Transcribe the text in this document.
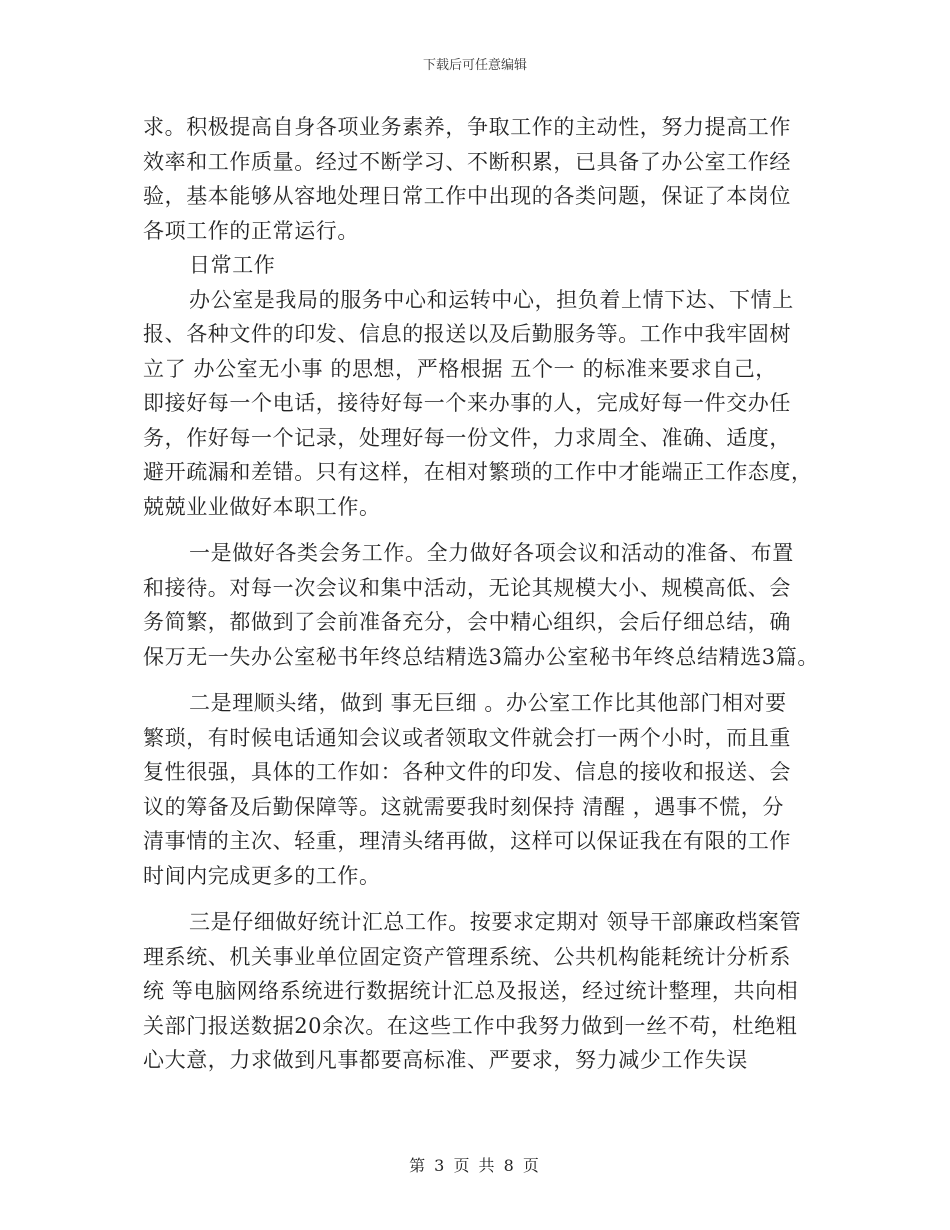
下载后可任意编辑
求。积极提高自身各项业务素养，争取工作的主动性，努力提高工作
效率和工作质量。经过不断学习、不断积累，已具备了办公室工作经
验，基本能够从容地处理日常工作中出现的各类问题，保证了本岗位
各项工作的正常运行。
日常工作
办公室是我局的服务中心和运转中心，担负着上情下达、下情上
报、各种文件的印发、信息的报送以及后勤服务等。工作中我牢固树
立了 办公室无小事 的思想，严格根据 五个一 的标准来要求自己，
即接好每一个电话，接待好每一个来办事的人，完成好每一件交办任
务，作好每一个记录，处理好每一份文件，力求周全、准确、适度，
避开疏漏和差错。只有这样，在相对繁琐的工作中才能端正工作态度，
兢兢业业做好本职工作。
一是做好各类会务工作。全力做好各项会议和活动的准备、布置
和接待。对每一次会议和集中活动，无论其规模大小、规模高低、会
务简繁，都做到了会前准备充分，会中精心组织，会后仔细总结，确
保万无一失办公室秘书年终总结精选3篇办公室秘书年终总结精选3篇。
二是理顺头绪，做到 事无巨细 。办公室工作比其他部门相对要
繁琐，有时候电话通知会议或者领取文件就会打一两个小时，而且重
复性很强，具体的工作如：各种文件的印发、信息的接收和报送、会
议的筹备及后勤保障等。这就需要我时刻保持 清醒 ，遇事不慌，分
清事情的主次、轻重，理清头绪再做，这样可以保证我在有限的工作
时间内完成更多的工作。
三是仔细做好统计汇总工作。按要求定期对 领导干部廉政档案管
理系统、机关事业单位固定资产管理系统、公共机构能耗统计分析系
统 等电脑网络系统进行数据统计汇总及报送，经过统计整理，共向相
关部门报送数据20余次。在这些工作中我努力做到一丝不苟，杜绝粗
心大意，力求做到凡事都要高标准、严要求，努力减少工作失误
第 3 页 共 8 页
